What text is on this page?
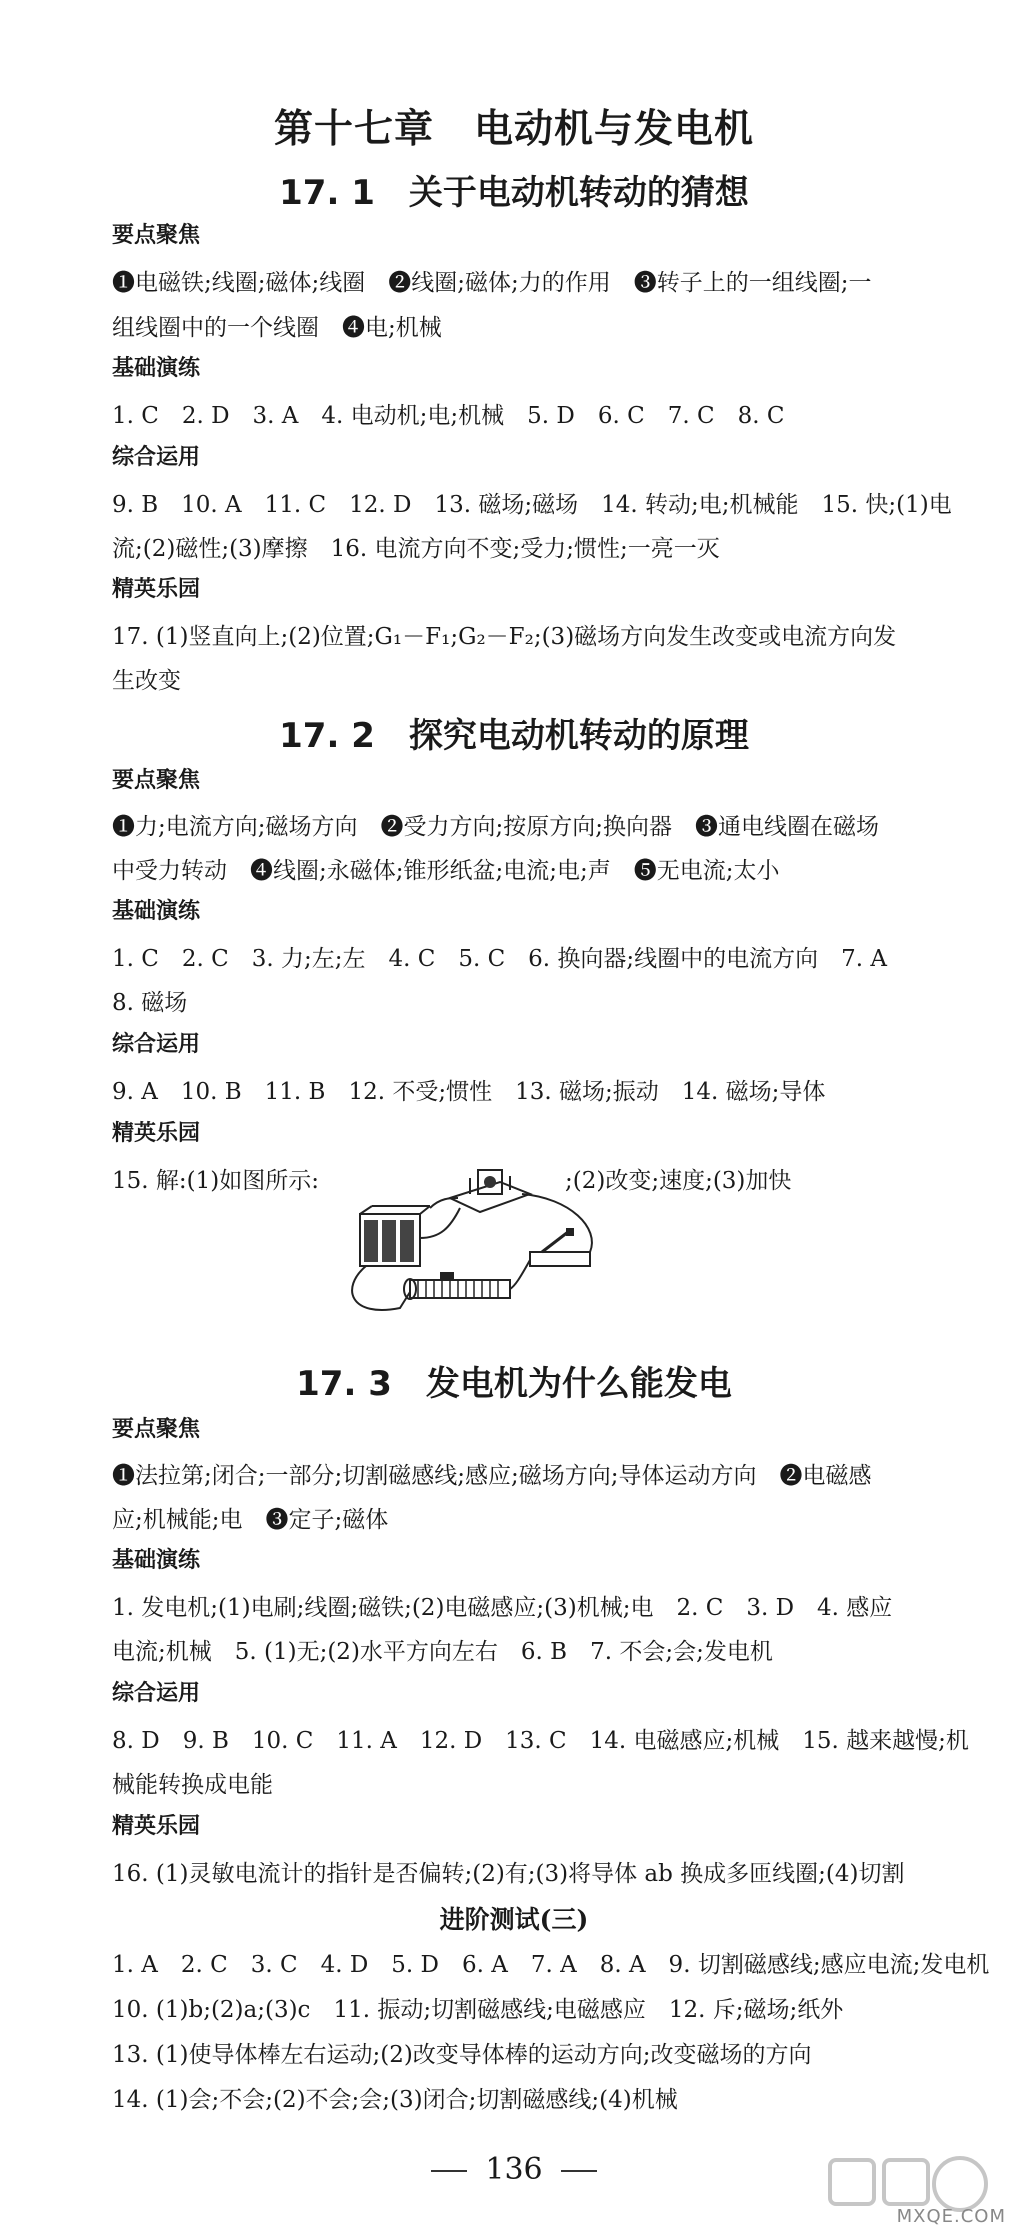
第十七章　电动机与发电机
17. 1　关于电动机转动的猜想
要点聚焦
❶电磁铁;线圈;磁体;线圈　❷线圈;磁体;力的作用　❸转子上的一组线圈;一
组线圈中的一个线圈　❹电;机械
基础演练
1. C　2. D　3. A　4. 电动机;电;机械　5. D　6. C　7. C　8. C
综合运用
9. B　10. A　11. C　12. D　13. 磁场;磁场　14. 转动;电;机械能　15. 快;(1)电
流;(2)磁性;(3)摩擦　16. 电流方向不变;受力;惯性;一亮一灭
精英乐园
17. (1)竖直向上;(2)位置;G₁－F₁;G₂－F₂;(3)磁场方向发生改变或电流方向发
生改变
17. 2　探究电动机转动的原理
要点聚焦
❶力;电流方向;磁场方向　❷受力方向;按原方向;换向器　❸通电线圈在磁场
中受力转动　❹线圈;永磁体;锥形纸盆;电流;电;声　❺无电流;太小
基础演练
1. C　2. C　3. 力;左;左　4. C　5. C　6. 换向器;线圈中的电流方向　7. A
8. 磁场
综合运用
9. A　10. B　11. B　12. 不受;惯性　13. 磁场;振动　14. 磁场;导体
精英乐园
15. 解:(1)如图所示:	;(2)改变;速度;(3)加快
17. 3　发电机为什么能发电
要点聚焦
❶法拉第;闭合;一部分;切割磁感线;感应;磁场方向;导体运动方向　❷电磁感
应;机械能;电　❸定子;磁体
基础演练
1. 发电机;(1)电刷;线圈;磁铁;(2)电磁感应;(3)机械;电　2. C　3. D　4. 感应
电流;机械　5. (1)无;(2)水平方向左右　6. B　7. 不会;会;发电机
综合运用
8. D　9. B　10. C　11. A　12. D　13. C　14. 电磁感应;机械　15. 越来越慢;机
械能转换成电能
精英乐园
16. (1)灵敏电流计的指针是否偏转;(2)有;(3)将导体 ab 换成多匝线圈;(4)切割
进阶测试(三)
1. A　2. C　3. C　4. D　5. D　6. A　7. A　8. A　9. 切割磁感线;感应电流;发电机
10. (1)b;(2)a;(3)c　11. 振动;切割磁感线;电磁感应　12. 斥;磁场;纸外
13. (1)使导体棒左右运动;(2)改变导体棒的运动方向;改变磁场的方向
14. (1)会;不会;(2)不会;会;(3)闭合;切割磁感线;(4)机械
136
MXQE.COM
